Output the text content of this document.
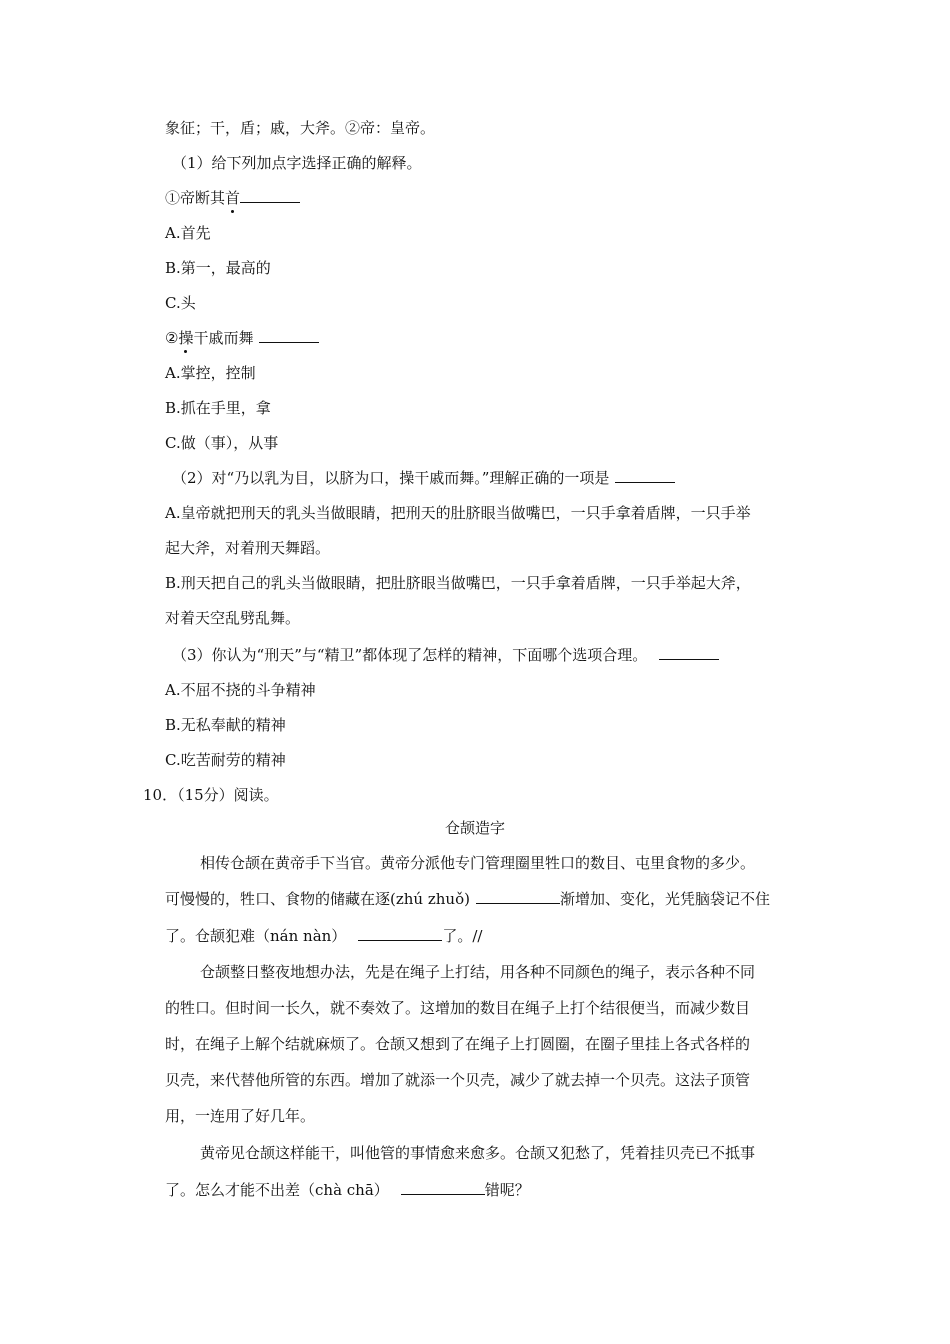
象征；干，盾；戚，大斧。②帝：皇帝。
（1）给下列加点字选择正确的解释。
①帝断其首
A.首先
B.第一，最高的
C.头
②操干戚而舞
A.掌控，控制
B.抓在手里，拿
C.做（事），从事
（2）对“乃以乳为目，以脐为口，操干戚而舞。”理解正确的一项是
A.皇帝就把刑天的乳头当做眼睛，把刑天的肚脐眼当做嘴巴，一只手拿着盾牌，一只手举
起大斧，对着刑天舞蹈。
B.刑天把自己的乳头当做眼睛，把肚脐眼当做嘴巴，一只手拿着盾牌，一只手举起大斧，
对着天空乱劈乱舞。
（3）你认为“刑天”与“精卫”都体现了怎样的精神，下面哪个选项合理。
A.不屈不挠的斗争精神
B.无私奉献的精神
C.吃苦耐劳的精神
10．（15分）阅读。
仓颉造字
相传仓颉在黄帝手下当官。黄帝分派他专门管理圈里牲口的数目、屯里食物的多少。
可慢慢的，牲口、食物的储藏在逐(zhú zhuǒ)	渐增加、变化，光凭脑袋记不住
了。仓颉犯难（nán nàn）	了。//
仓颉整日整夜地想办法，先是在绳子上打结，用各种不同颜色的绳子，表示各种不同
的牲口。但时间一长久，就不奏效了。这增加的数目在绳子上打个结很便当，而减少数目
时，在绳子上解个结就麻烦了。仓颉又想到了在绳子上打圆圈，在圈子里挂上各式各样的
贝壳，来代替他所管的东西。增加了就添一个贝壳，减少了就去掉一个贝壳。这法子顶管
用，一连用了好几年。
黄帝见仓颉这样能干，叫他管的事情愈来愈多。仓颉又犯愁了，凭着挂贝壳已不抵事
了。怎么才能不出差（chà chā）	错呢？
